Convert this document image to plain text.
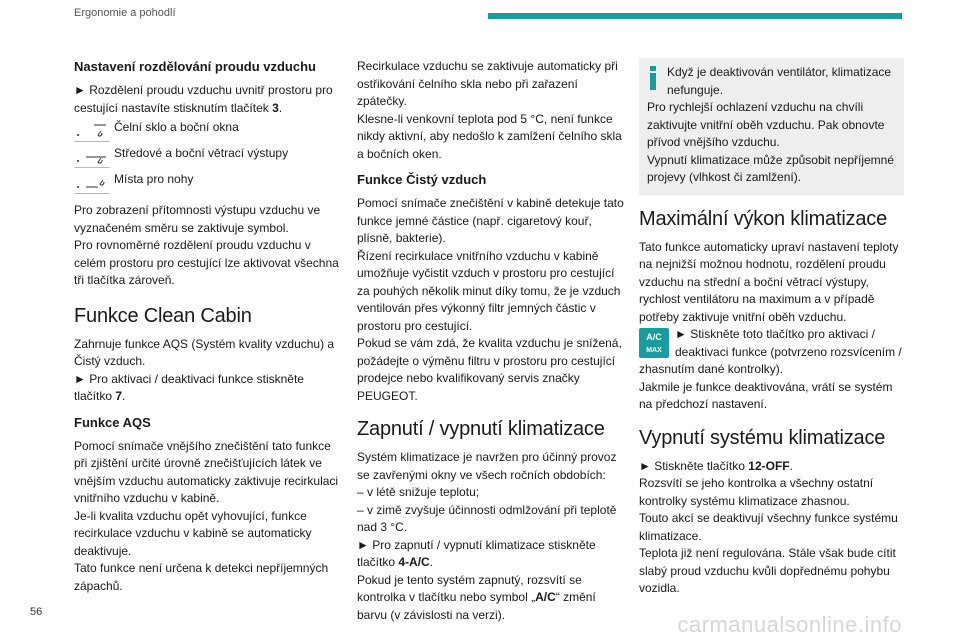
Ergonomie a pohodlí

Nastavení rozdělování proudu vzduchu

► Rozdělení proudu vzduchu uvnitř prostoru pro cestující nastavíte stisknutím tlačítek 3.

Čelní sklo a boční okna
Středové a boční větrací výstupy
Místa pro nohy

Pro zobrazení přítomnosti výstupu vzduchu ve vyznačeném směru se zaktivuje symbol.

Pro rovnoměrné rozdělení proudu vzduchu v celém prostoru pro cestující lze aktivovat všechna tři tlačítka zároveň.

Funkce Clean Cabin

Zahrnuje funkce AQS (Systém kvality vzduchu) a Čistý vzduch.

► Pro aktivaci / deaktivaci funkce stiskněte tlačítko 7.

Funkce AQS

Pomocí snímače vnějšího znečištění tato funkce při zjištění určité úrovně znečišťujících látek ve vnějším vzduchu automaticky zaktivuje recirkulaci vnitřního vzduchu v kabině.

Je-li kvalita vzduchu opět vyhovující, funkce recirkulace vzduchu v kabině se automaticky deaktivuje.

Tato funkce není určena k detekci nepříjemných zápachů.

Recirkulace vzduchu se zaktivuje automaticky při ostřikování čelního skla nebo při zařazení zpátečky.

Klesne-li venkovní teplota pod 5 °C, není funkce nikdy aktivní, aby nedošlo k zamlžení čelního skla a bočních oken.

Funkce Čistý vzduch

Pomocí snímače znečištění v kabině detekuje tato funkce jemné částice (např. cigaretový kouř, plísně, bakterie).

Řízení recirkulace vnitřního vzduchu v kabině umožňuje vyčistit vzduch v prostoru pro cestující za pouhých několik minut díky tomu, že je vzduch ventilován přes výkonný filtr jemných částic v prostoru pro cestující.

Pokud se vám zdá, že kvalita vzduchu je snížená, požádejte o výměnu filtru v prostoru pro cestující prodejce nebo kvalifikovaný servis značky PEUGEOT.

Zapnutí / vypnutí klimatizace

Systém klimatizace je navržen pro účinný provoz se zavřenými okny ve všech ročních obdobích:

– v létě snižuje teplotu;

– v zimě zvyšuje účinnosti odmlžování při teplotě nad 3 °C.

► Pro zapnutí / vypnutí klimatizace stiskněte tlačítko 4-A/C.

Pokud je tento systém zapnutý, rozsvítí se kontrolka v tlačítku nebo symbol „A/C“ změní barvu (v závislosti na verzi).

Když je deaktivován ventilátor, klimatizace nefunguje.

Pro rychlejší ochlazení vzduchu na chvíli zaktivujte vnitřní oběh vzduchu. Pak obnovte přívod vnějšího vzduchu.

Vypnutí klimatizace může způsobit nepříjemné projevy (vlhkost či zamlžení).

Maximální výkon klimatizace

Tato funkce automaticky upraví nastavení teploty na nejnižší možnou hodnotu, rozdělení proudu vzduchu na střední a boční větrací výstupy, rychlost ventilátoru na maximum a v případě potřeby zaktivuje vnitřní oběh vzduchu.

A/C
MAX

► Stiskněte toto tlačítko pro aktivaci / deaktivaci funkce (potvrzeno rozsvícením / zhasnutím dané kontrolky).

Jakmile je funkce deaktivována, vrátí se systém na předchozí nastavení.

Vypnutí systému klimatizace

► Stiskněte tlačítko 12-OFF.

Rozsvítí se jeho kontrolka a všechny ostatní kontrolky systému klimatizace zhasnou.

Touto akcí se deaktivují všechny funkce systému klimatizace.

Teplota již není regulována. Stále však bude cítit slabý proud vzduchu kvůli dopřednému pohybu vozidla.

56	carmanualsonline.info
